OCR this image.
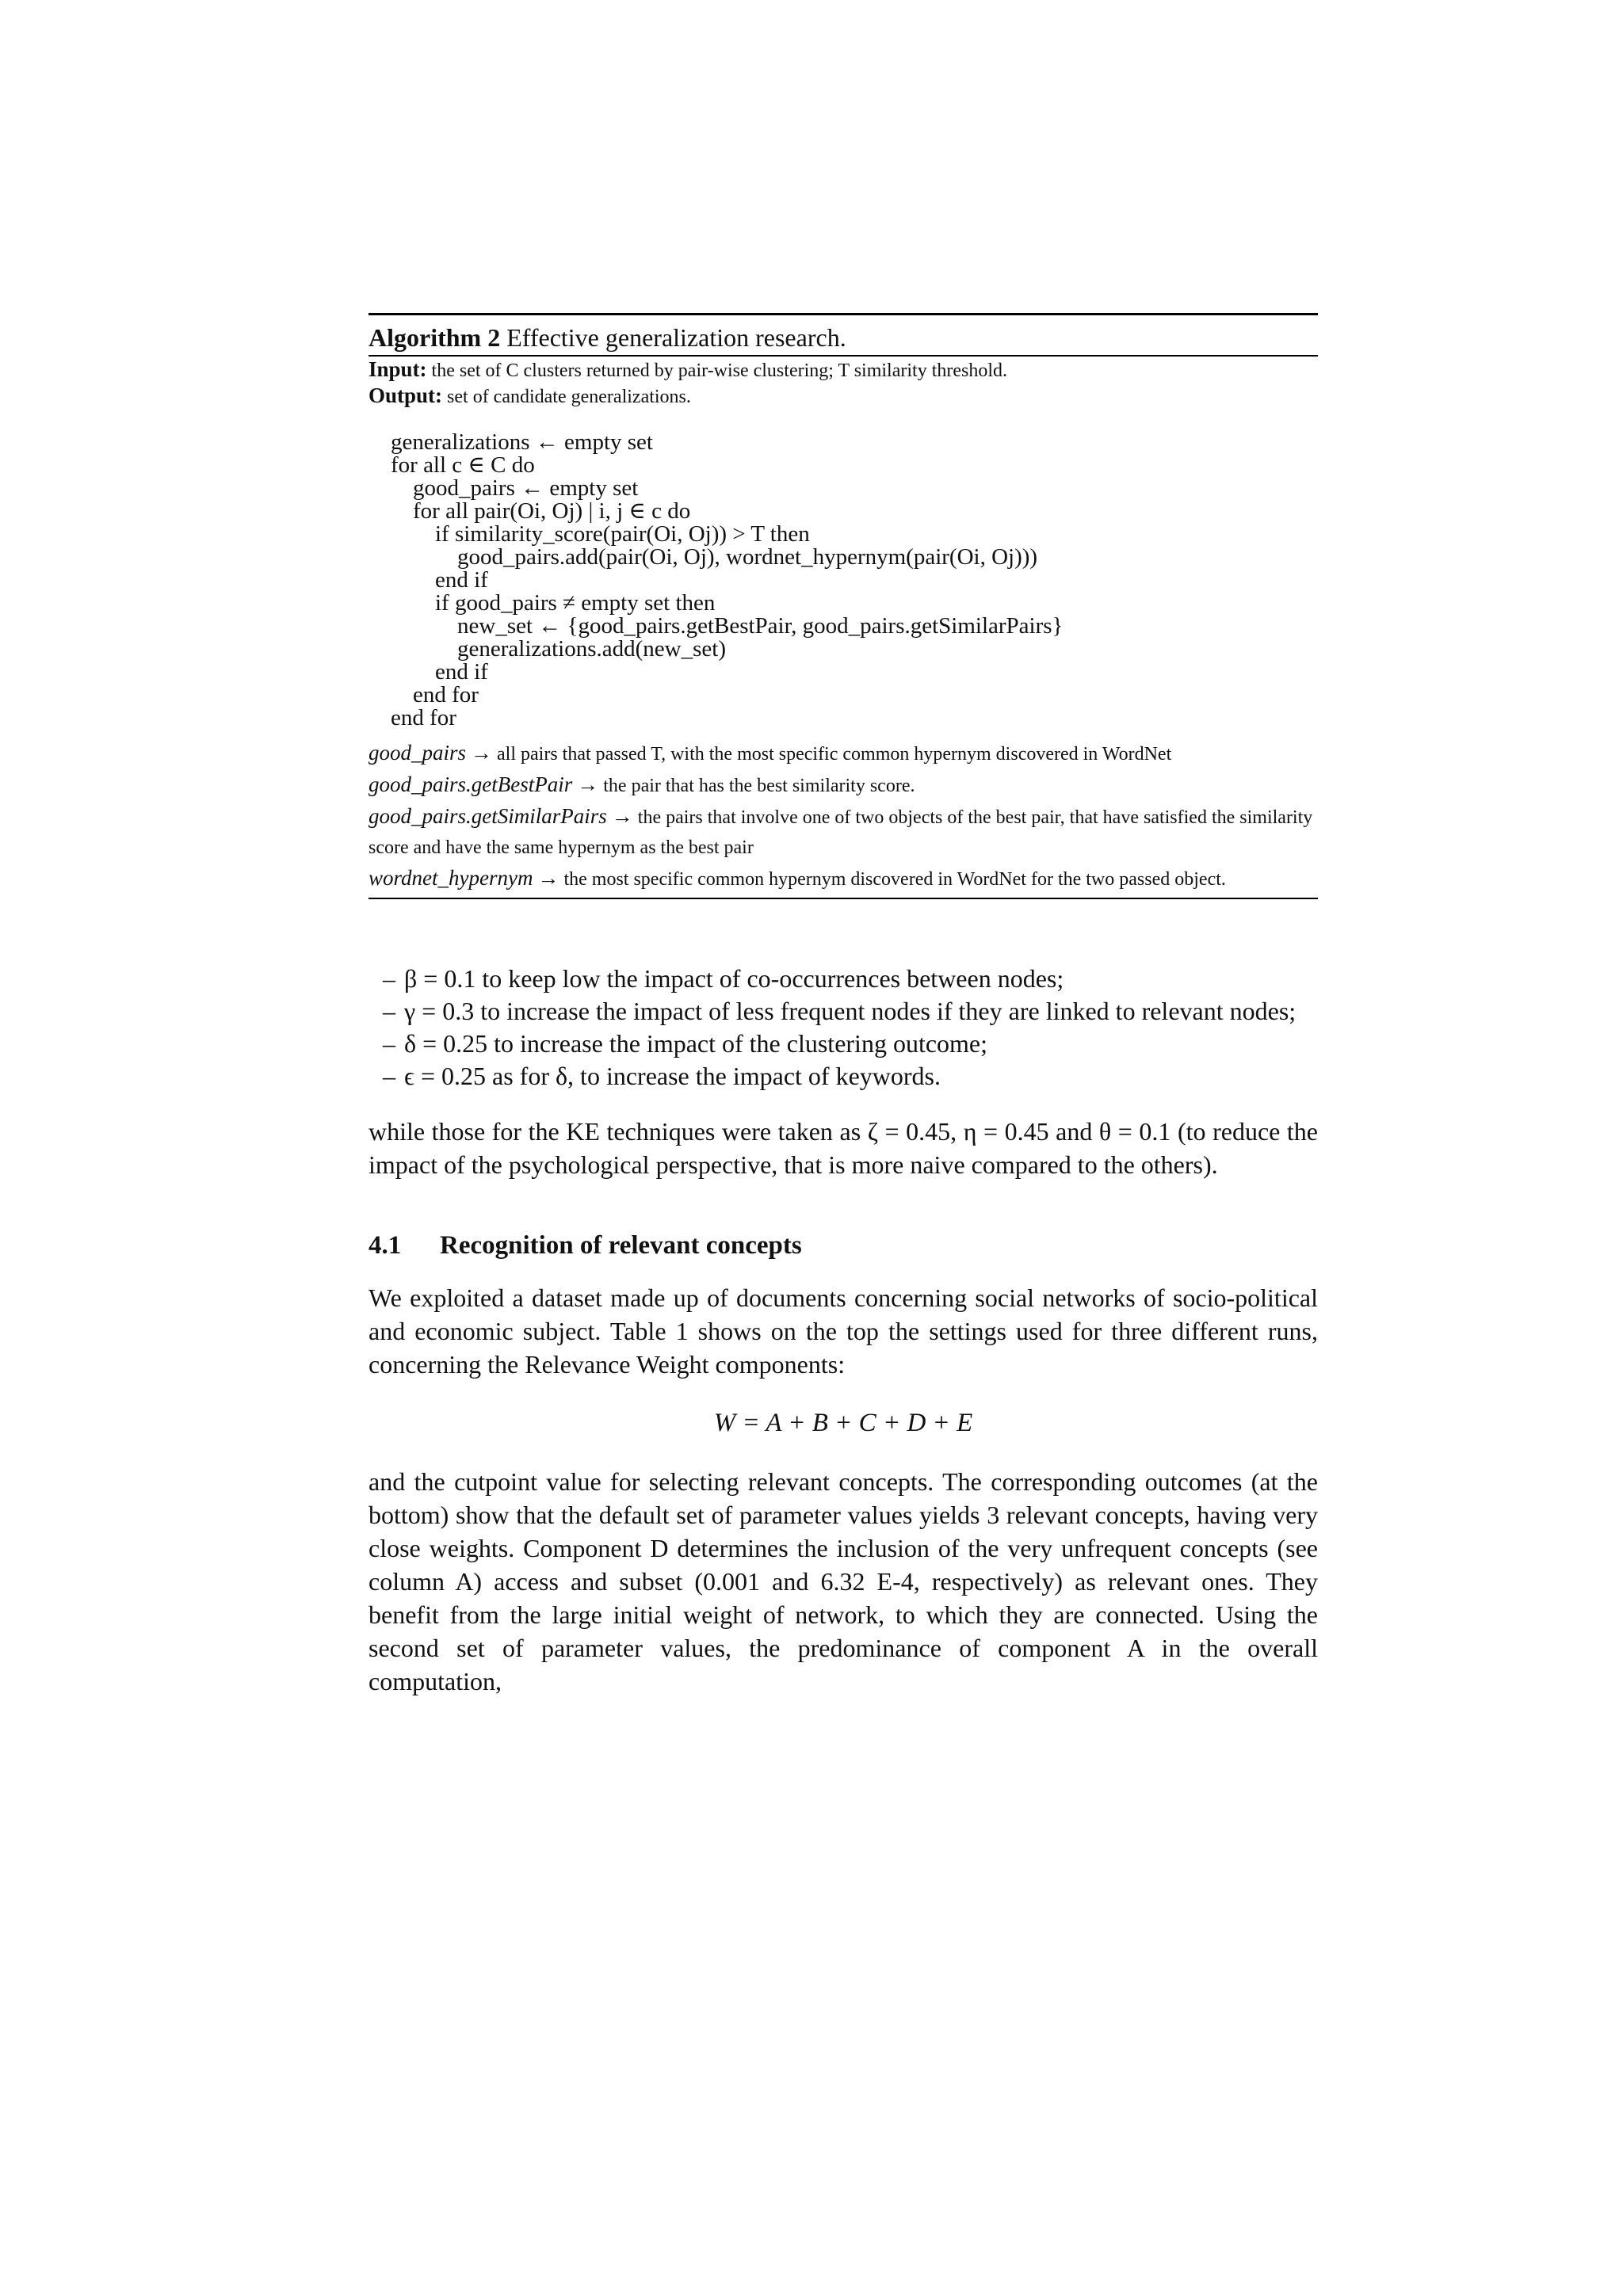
Algorithm 2 Effective generalization research.
Input: the set of C clusters returned by pair-wise clustering; T similarity threshold.
Output: set of candidate generalizations.
generalizations ← empty set
for all c ∈ C do
good_pairs ← empty set
for all pair(Oi, Oj) | i, j ∈ c do
if similarity_score(pair(Oi, Oj)) > T then
good_pairs.add(pair(Oi, Oj), wordnet_hypernym(pair(Oi, Oj)))
end if
if good_pairs ≠ empty set then
new_set ← {good_pairs.getBestPair, good_pairs.getSimilarPairs}
generalizations.add(new_set)
end if
end for
end for
good_pairs → all pairs that passed T, with the most specific common hypernym discovered in WordNet
good_pairs.getBestPair → the pair that has the best similarity score.
good_pairs.getSimilarPairs → the pairs that involve one of two objects of the best pair, that have satisfied the similarity score and have the same hypernym as the best pair
wordnet_hypernym → the most specific common hypernym discovered in WordNet for the two passed object.
– β = 0.1 to keep low the impact of co-occurrences between nodes;
– γ = 0.3 to increase the impact of less frequent nodes if they are linked to relevant nodes;
– δ = 0.25 to increase the impact of the clustering outcome;
– ϵ = 0.25 as for δ, to increase the impact of keywords.

while those for the KE techniques were taken as ζ = 0.45, η = 0.45 and θ = 0.1 (to reduce the impact of the psychological perspective, that is more naive compared to the others).

4.1 Recognition of relevant concepts

We exploited a dataset made up of documents concerning social networks of socio-political and economic subject. Table 1 shows on the top the settings used for three different runs, concerning the Relevance Weight components:

W = A + B + C + D + E

and the cutpoint value for selecting relevant concepts. The corresponding outcomes (at the bottom) show that the default set of parameter values yields 3 relevant concepts, having very close weights. Component D determines the inclusion of the very unfrequent concepts (see column A) access and subset (0.001 and 6.32 E-4, respectively) as relevant ones. They benefit from the large initial weight of network, to which they are connected. Using the second set of parameter values, the predominance of component A in the overall computation,
